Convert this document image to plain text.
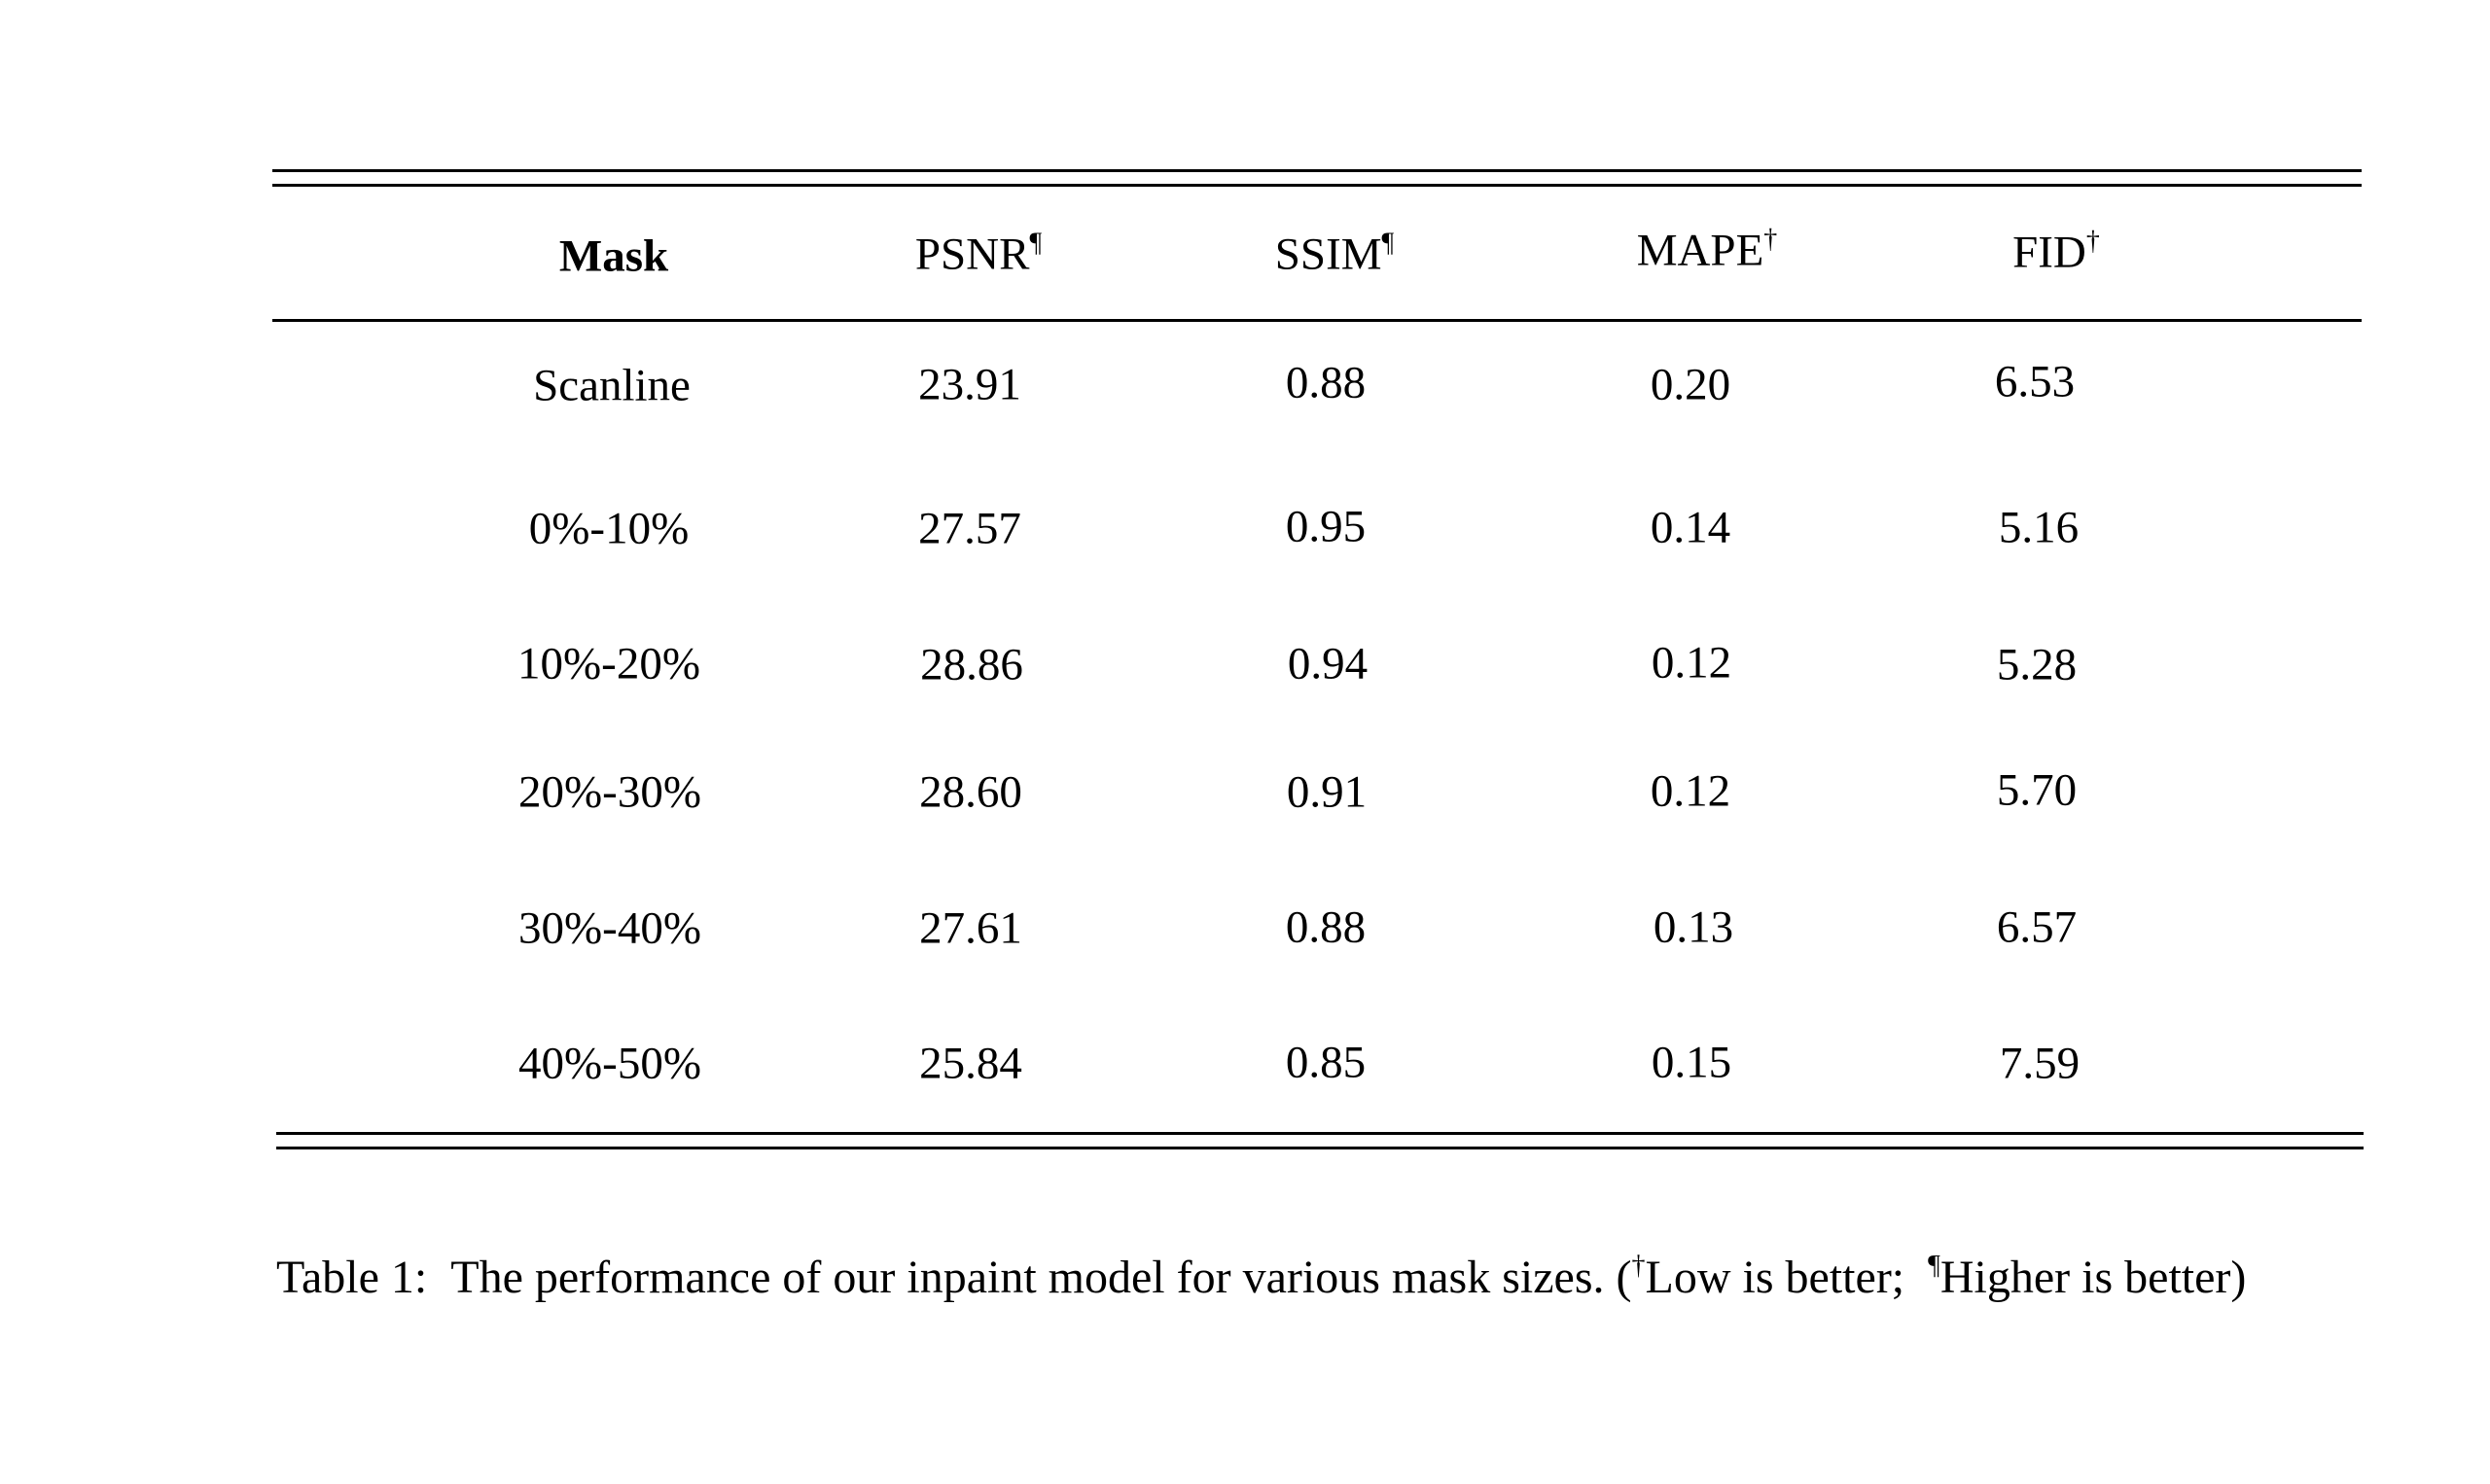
Mask	PSNR¶	SSIM¶	MAPE†	FID†
Scanline	23.91	0.88	0.20	6.53
0%-10%	27.57	0.95	0.14	5.16
10%-20%	28.86	0.94	0.12	5.28
20%-30%	28.60	0.91	0.12	5.70
30%-40%	27.61	0.88	0.13	6.57
40%-50%	25.84	0.85	0.15	7.59
Table 1: The performance of our inpaint model for various mask sizes. (†Low is better;  ¶Higher is better)
